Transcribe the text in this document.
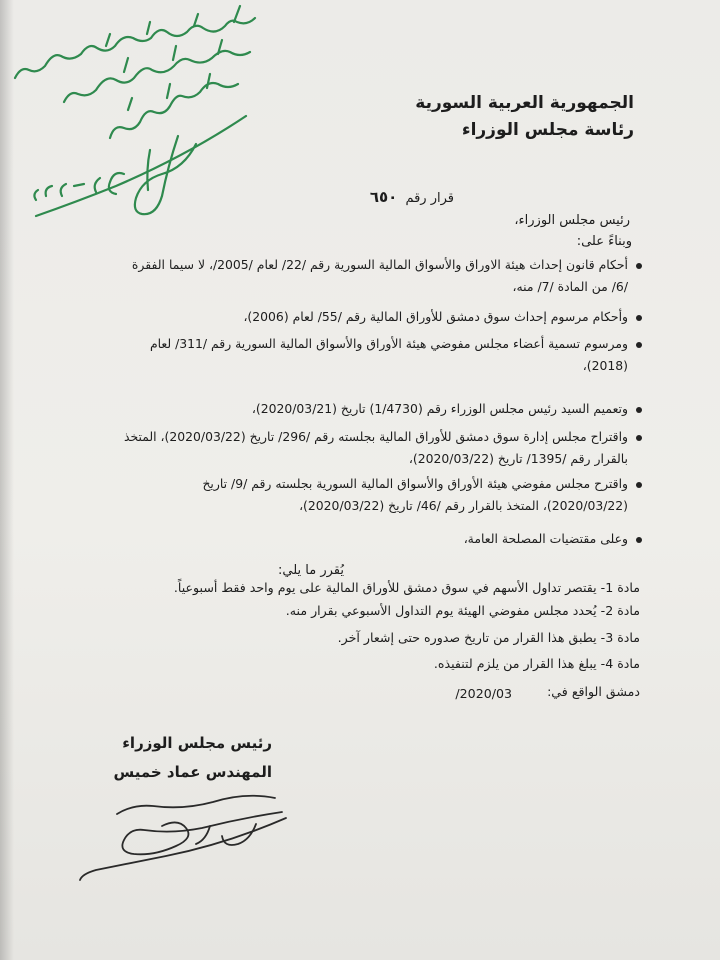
الجمهورية العربية السورية
رئاسة مجلس الوزراء
قرار رقم ٦٥٠
رئيس مجلس الوزراء،
وبناءً على:
أحكام قانون إحداث هيئة الاوراق والأسواق المالية السورية رقم /22/ لعام /2005/، لا سيما الفقرة
/6/ من المادة /7/ منه،
وأحكام مرسوم إحداث سوق دمشق للأوراق المالية رقم /55/ لعام (2006)،
ومرسوم تسمية أعضاء مجلس مفوضي هيئة الأوراق والأسواق المالية السورية رقم /311/ لعام
(2018)،
وتعميم السيد رئيس مجلس الوزراء رقم (1/4730) تاريخ (2020/03/21)،
واقتراح مجلس إدارة سوق دمشق للأوراق المالية بجلسته رقم /296/ تاريخ (2020/03/22)، المتخذ
بالقرار رقم /1395/ تاريخ (2020/03/22)،
واقترح مجلس مفوضي هيئة الأوراق والأسواق المالية السورية بجلسته رقم /9/ تاريخ
(2020/03/22)، المتخذ بالقرار رقم /46/ تاريخ (2020/03/22)،
وعلى مقتضيات المصلحة العامة،
يُقرر ما يلي:
مادة 1- يقتصر تداول الأسهم في سوق دمشق للأوراق المالية على يوم واحد فقط أسبوعياً.
مادة 2- يُحدد مجلس مفوضي الهيئة يوم التداول الأسبوعي بقرار منه.
مادة 3- يطبق هذا القرار من تاريخ صدوره حتى إشعار آخر.
مادة 4- يبلغ هذا القرار من يلزم لتنفيذه.
دمشق الواقع في:
2020/03/
رئيس مجلس الوزراء
المهندس عماد خميس
